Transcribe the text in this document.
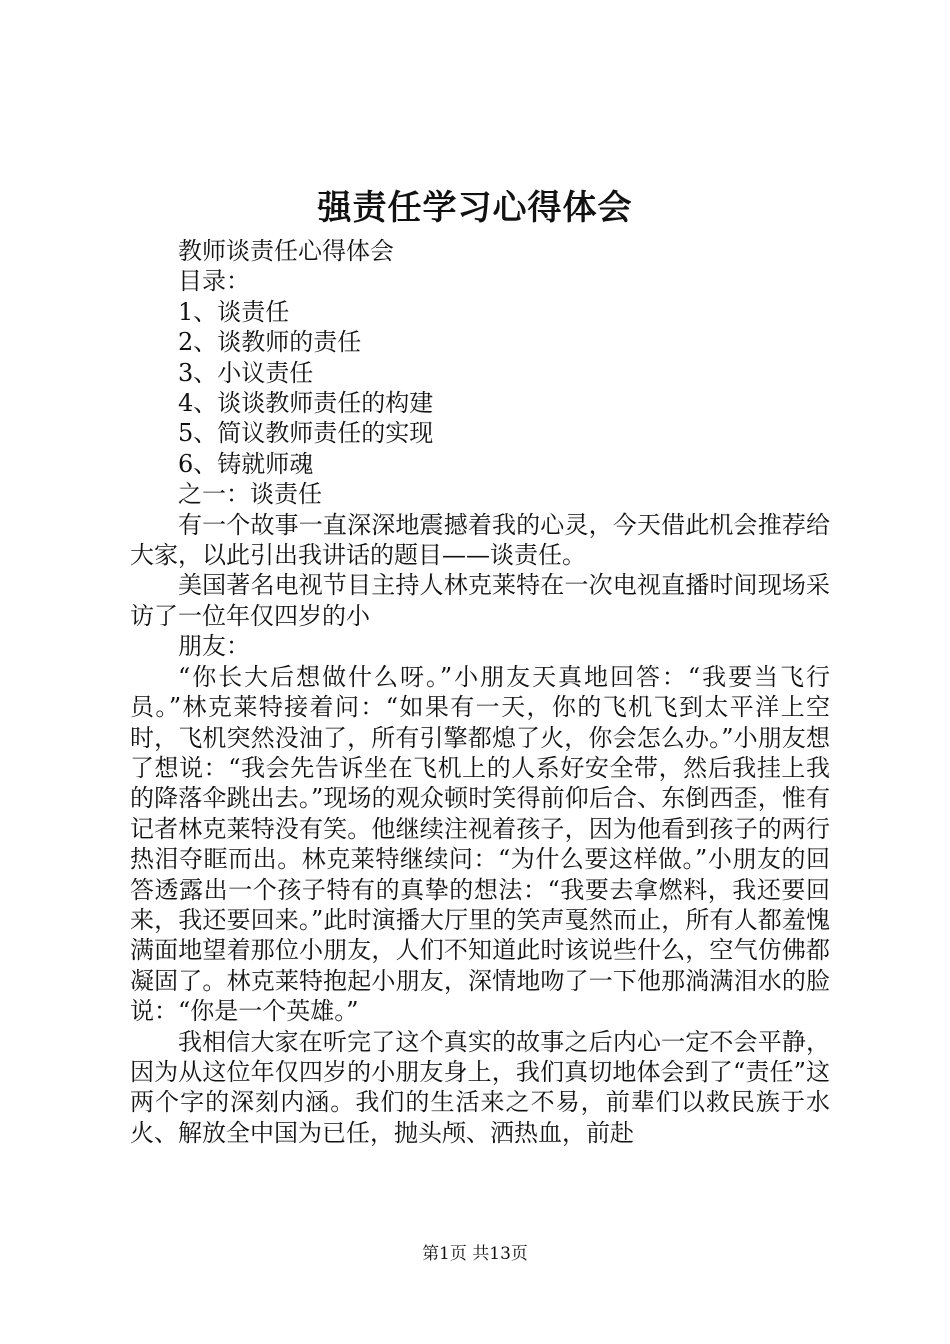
强责任学习心得体会

教师谈责任心得体会

目录：

1、谈责任

2、谈教师的责任

3、小议责任

4、谈谈教师责任的构建

5、简议教师责任的实现

6、铸就师魂

之一：谈责任

有一个故事一直深深地震撼着我的心灵，今天借此机会推荐给大家，以此引出我讲话的题目——谈责任。

美国著名电视节目主持人林克莱特在一次电视直播时间现场采访了一位年仅四岁的小

朋友：

“你长大后想做什么呀。”小朋友天真地回答：“我要当飞行员。”林克莱特接着问：“如果有一天，你的飞机飞到太平洋上空时，飞机突然没油了，所有引擎都熄了火，你会怎么办。”小朋友想了想说：“我会先告诉坐在飞机上的人系好安全带，然后我挂上我的降落伞跳出去。”现场的观众顿时笑得前仰后合、东倒西歪，惟有记者林克莱特没有笑。他继续注视着孩子，因为他看到孩子的两行热泪夺眶而出。林克莱特继续问：“为什么要这样做。”小朋友的回答透露出一个孩子特有的真挚的想法：“我要去拿燃料，我还要回来，我还要回来。”此时演播大厅里的笑声戛然而止，所有人都羞愧满面地望着那位小朋友，人们不知道此时该说些什么，空气仿佛都凝固了。林克莱特抱起小朋友，深情地吻了一下他那淌满泪水的脸说：“你是一个英雄。”

我相信大家在听完了这个真实的故事之后内心一定不会平静，因为从这位年仅四岁的小朋友身上，我们真切地体会到了“责任”这两个字的深刻内涵。我们的生活来之不易，前辈们以救民族于水火、解放全中国为已任，抛头颅、洒热血，前赴

第1页 共13页
